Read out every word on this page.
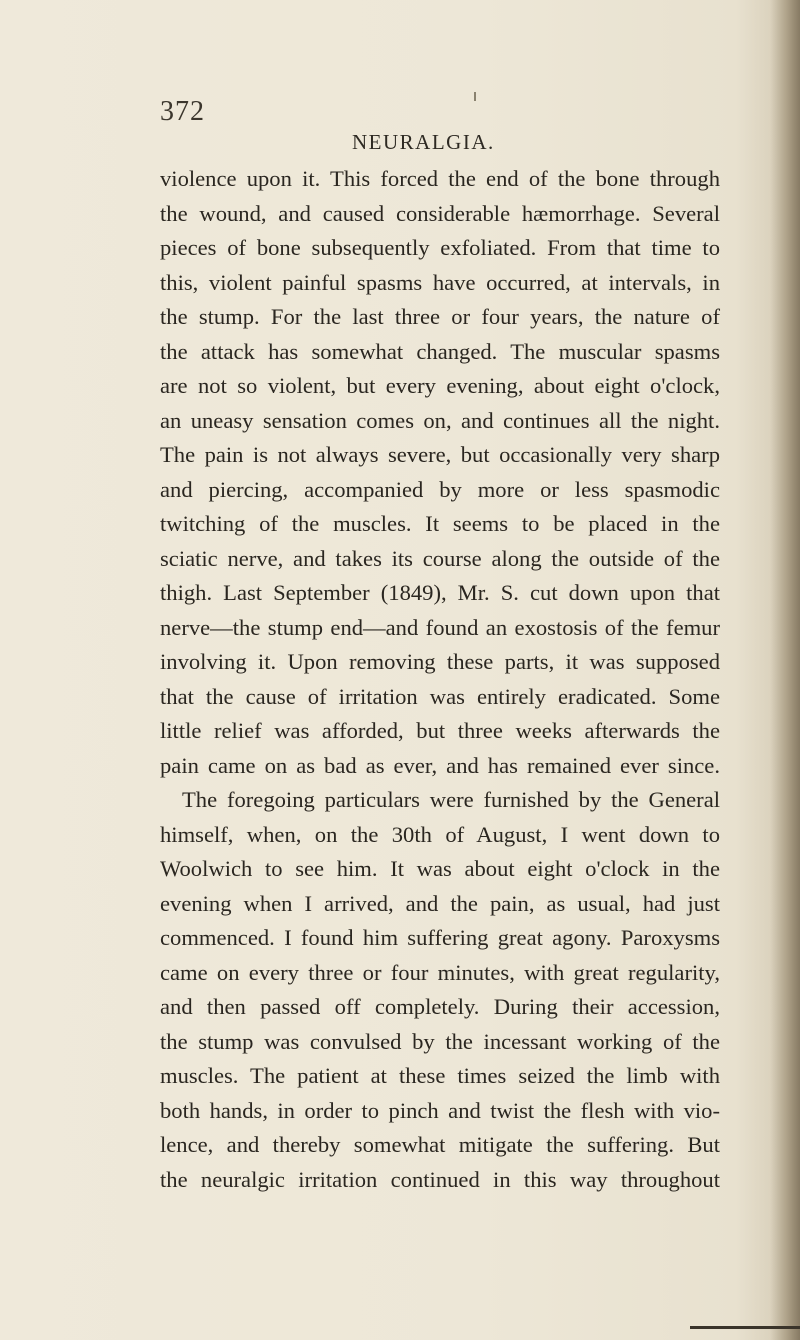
372
NEURALGIA.
violence upon it. This forced the end of the bone through
the wound, and caused considerable hæmorrhage. Several
pieces of bone subsequently exfoliated. From that time to
this, violent painful spasms have occurred, at intervals, in
the stump. For the last three or four years, the nature of
the attack has somewhat changed. The muscular spasms
are not so violent, but every evening, about eight o'clock,
an uneasy sensation comes on, and continues all the night.
The pain is not always severe, but occasionally very sharp
and piercing, accompanied by more or less spasmodic
twitching of the muscles. It seems to be placed in the
sciatic nerve, and takes its course along the outside of the
thigh. Last September (1849), Mr. S. cut down upon that
nerve—the stump end—and found an exostosis of the femur
involving it. Upon removing these parts, it was supposed
that the cause of irritation was entirely eradicated. Some
little relief was afforded, but three weeks afterwards the
pain came on as bad as ever, and has remained ever since.
The foregoing particulars were furnished by the General
himself, when, on the 30th of August, I went down to
Woolwich to see him. It was about eight o'clock in the
evening when I arrived, and the pain, as usual, had just
commenced. I found him suffering great agony. Paroxysms
came on every three or four minutes, with great regularity,
and then passed off completely. During their accession,
the stump was convulsed by the incessant working of the
muscles. The patient at these times seized the limb with
both hands, in order to pinch and twist the flesh with vio-
lence, and thereby somewhat mitigate the suffering. But
the neuralgic irritation continued in this way throughout
